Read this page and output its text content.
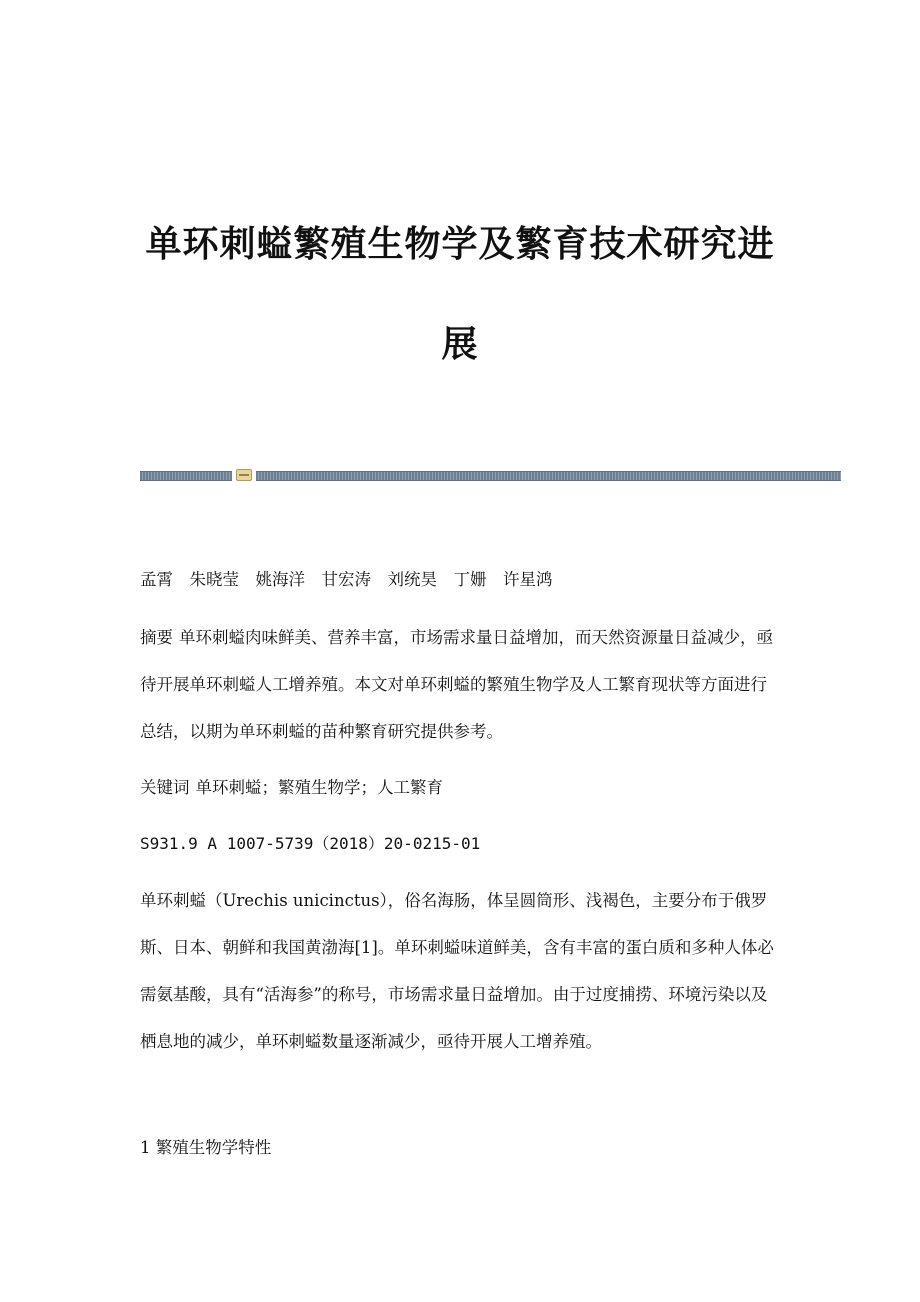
单环刺螠繁殖生物学及繁育技术研究进
展

孟霄　朱晓莹　姚海洋　甘宏涛　刘统昊　丁姗　许星鸿

摘要 单环刺螠肉味鲜美、营养丰富，市场需求量日益增加，而天然资源量日益减少，亟待开展单环刺螠人工增养殖。本文对单环刺螠的繁殖生物学及人工繁育现状等方面进行总结，以期为单环刺螠的苗种繁育研究提供参考。

关键词 单环刺螠；繁殖生物学；人工繁育

S931.9 A 1007-5739（2018）20-0215-01

单环刺螠（Urechis unicinctus），俗名海肠，体呈圆筒形、浅褐色，主要分布于俄罗斯、日本、朝鲜和我国黄渤海[1]。单环刺螠味道鲜美，含有丰富的蛋白质和多种人体必需氨基酸，具有“活海参”的称号，市场需求量日益增加。由于过度捕捞、环境污染以及栖息地的减少，单环刺螠数量逐渐减少，亟待开展人工增养殖。

1 繁殖生物学特性
